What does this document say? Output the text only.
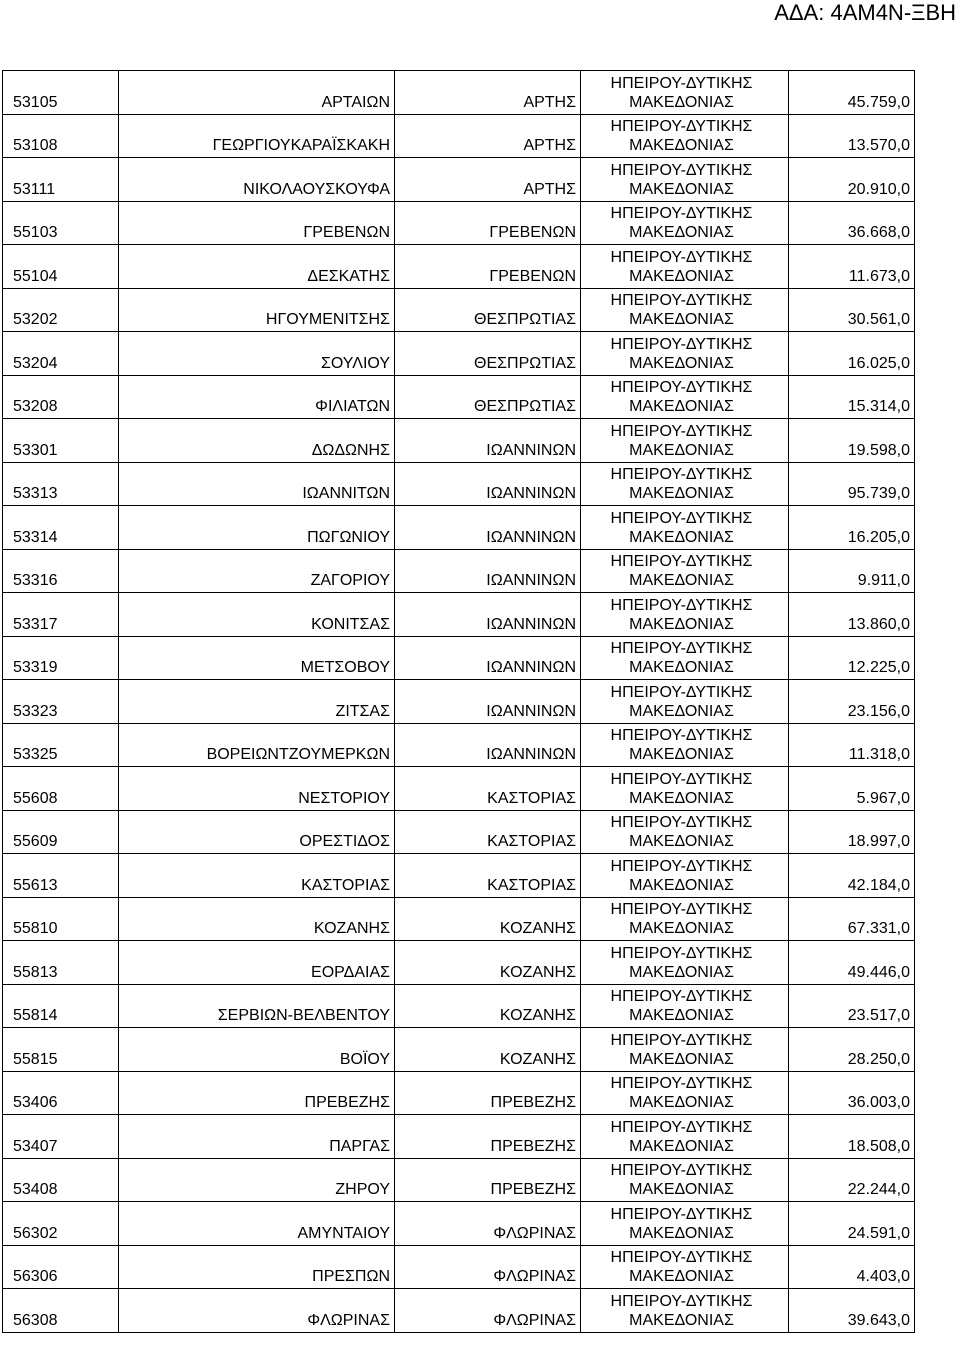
ΑΔΑ: 4ΑΜ4Ν-ΞΒΗ
53105	ΑΡΤΑΙΩΝ	ΑΡΤΗΣ	ΗΠΕΙΡΟΥ-ΔΥΤΙΚΗΣ
ΜΑΚΕΔΟΝΙΑΣ	45.759,0
53108	ΓΕΩΡΓΙΟΥΚΑΡΑΪΣΚΑΚΗ	ΑΡΤΗΣ	ΗΠΕΙΡΟΥ-ΔΥΤΙΚΗΣ
ΜΑΚΕΔΟΝΙΑΣ	13.570,0
53111	ΝΙΚΟΛΑΟΥΣΚΟΥΦΑ	ΑΡΤΗΣ	ΗΠΕΙΡΟΥ-ΔΥΤΙΚΗΣ
ΜΑΚΕΔΟΝΙΑΣ	20.910,0
55103	ΓΡΕΒΕΝΩΝ	ΓΡΕΒΕΝΩΝ	ΗΠΕΙΡΟΥ-ΔΥΤΙΚΗΣ
ΜΑΚΕΔΟΝΙΑΣ	36.668,0
55104	ΔΕΣΚΑΤΗΣ	ΓΡΕΒΕΝΩΝ	ΗΠΕΙΡΟΥ-ΔΥΤΙΚΗΣ
ΜΑΚΕΔΟΝΙΑΣ	11.673,0
53202	ΗΓΟΥΜΕΝΙΤΣΗΣ	ΘΕΣΠΡΩΤΙΑΣ	ΗΠΕΙΡΟΥ-ΔΥΤΙΚΗΣ
ΜΑΚΕΔΟΝΙΑΣ	30.561,0
53204	ΣΟΥΛΙΟΥ	ΘΕΣΠΡΩΤΙΑΣ	ΗΠΕΙΡΟΥ-ΔΥΤΙΚΗΣ
ΜΑΚΕΔΟΝΙΑΣ	16.025,0
53208	ΦΙΛΙΑΤΩΝ	ΘΕΣΠΡΩΤΙΑΣ	ΗΠΕΙΡΟΥ-ΔΥΤΙΚΗΣ
ΜΑΚΕΔΟΝΙΑΣ	15.314,0
53301	ΔΩΔΩΝΗΣ	ΙΩΑΝΝΙΝΩΝ	ΗΠΕΙΡΟΥ-ΔΥΤΙΚΗΣ
ΜΑΚΕΔΟΝΙΑΣ	19.598,0
53313	ΙΩΑΝΝΙΤΩΝ	ΙΩΑΝΝΙΝΩΝ	ΗΠΕΙΡΟΥ-ΔΥΤΙΚΗΣ
ΜΑΚΕΔΟΝΙΑΣ	95.739,0
53314	ΠΩΓΩΝΙΟΥ	ΙΩΑΝΝΙΝΩΝ	ΗΠΕΙΡΟΥ-ΔΥΤΙΚΗΣ
ΜΑΚΕΔΟΝΙΑΣ	16.205,0
53316	ΖΑΓΟΡΙΟΥ	ΙΩΑΝΝΙΝΩΝ	ΗΠΕΙΡΟΥ-ΔΥΤΙΚΗΣ
ΜΑΚΕΔΟΝΙΑΣ	9.911,0
53317	ΚΟΝΙΤΣΑΣ	ΙΩΑΝΝΙΝΩΝ	ΗΠΕΙΡΟΥ-ΔΥΤΙΚΗΣ
ΜΑΚΕΔΟΝΙΑΣ	13.860,0
53319	ΜΕΤΣΟΒΟΥ	ΙΩΑΝΝΙΝΩΝ	ΗΠΕΙΡΟΥ-ΔΥΤΙΚΗΣ
ΜΑΚΕΔΟΝΙΑΣ	12.225,0
53323	ΖΙΤΣΑΣ	ΙΩΑΝΝΙΝΩΝ	ΗΠΕΙΡΟΥ-ΔΥΤΙΚΗΣ
ΜΑΚΕΔΟΝΙΑΣ	23.156,0
53325	ΒΟΡΕΙΩΝΤΖΟΥΜΕΡΚΩΝ	ΙΩΑΝΝΙΝΩΝ	ΗΠΕΙΡΟΥ-ΔΥΤΙΚΗΣ
ΜΑΚΕΔΟΝΙΑΣ	11.318,0
55608	ΝΕΣΤΟΡΙΟΥ	ΚΑΣΤΟΡΙΑΣ	ΗΠΕΙΡΟΥ-ΔΥΤΙΚΗΣ
ΜΑΚΕΔΟΝΙΑΣ	5.967,0
55609	ΟΡΕΣΤΙΔΟΣ	ΚΑΣΤΟΡΙΑΣ	ΗΠΕΙΡΟΥ-ΔΥΤΙΚΗΣ
ΜΑΚΕΔΟΝΙΑΣ	18.997,0
55613	ΚΑΣΤΟΡΙΑΣ	ΚΑΣΤΟΡΙΑΣ	ΗΠΕΙΡΟΥ-ΔΥΤΙΚΗΣ
ΜΑΚΕΔΟΝΙΑΣ	42.184,0
55810	ΚΟΖΑΝΗΣ	ΚΟΖΑΝΗΣ	ΗΠΕΙΡΟΥ-ΔΥΤΙΚΗΣ
ΜΑΚΕΔΟΝΙΑΣ	67.331,0
55813	ΕΟΡΔΑΙΑΣ	ΚΟΖΑΝΗΣ	ΗΠΕΙΡΟΥ-ΔΥΤΙΚΗΣ
ΜΑΚΕΔΟΝΙΑΣ	49.446,0
55814	ΣΕΡΒΙΩΝ-ΒΕΛΒΕΝΤΟΥ	ΚΟΖΑΝΗΣ	ΗΠΕΙΡΟΥ-ΔΥΤΙΚΗΣ
ΜΑΚΕΔΟΝΙΑΣ	23.517,0
55815	ΒΟΪΟΥ	ΚΟΖΑΝΗΣ	ΗΠΕΙΡΟΥ-ΔΥΤΙΚΗΣ
ΜΑΚΕΔΟΝΙΑΣ	28.250,0
53406	ΠΡΕΒΕΖΗΣ	ΠΡΕΒΕΖΗΣ	ΗΠΕΙΡΟΥ-ΔΥΤΙΚΗΣ
ΜΑΚΕΔΟΝΙΑΣ	36.003,0
53407	ΠΑΡΓΑΣ	ΠΡΕΒΕΖΗΣ	ΗΠΕΙΡΟΥ-ΔΥΤΙΚΗΣ
ΜΑΚΕΔΟΝΙΑΣ	18.508,0
53408	ΖΗΡΟΥ	ΠΡΕΒΕΖΗΣ	ΗΠΕΙΡΟΥ-ΔΥΤΙΚΗΣ
ΜΑΚΕΔΟΝΙΑΣ	22.244,0
56302	ΑΜΥΝΤΑΙΟΥ	ΦΛΩΡΙΝΑΣ	ΗΠΕΙΡΟΥ-ΔΥΤΙΚΗΣ
ΜΑΚΕΔΟΝΙΑΣ	24.591,0
56306	ΠΡΕΣΠΩΝ	ΦΛΩΡΙΝΑΣ	ΗΠΕΙΡΟΥ-ΔΥΤΙΚΗΣ
ΜΑΚΕΔΟΝΙΑΣ	4.403,0
56308	ΦΛΩΡΙΝΑΣ	ΦΛΩΡΙΝΑΣ	ΗΠΕΙΡΟΥ-ΔΥΤΙΚΗΣ
ΜΑΚΕΔΟΝΙΑΣ	39.643,0
